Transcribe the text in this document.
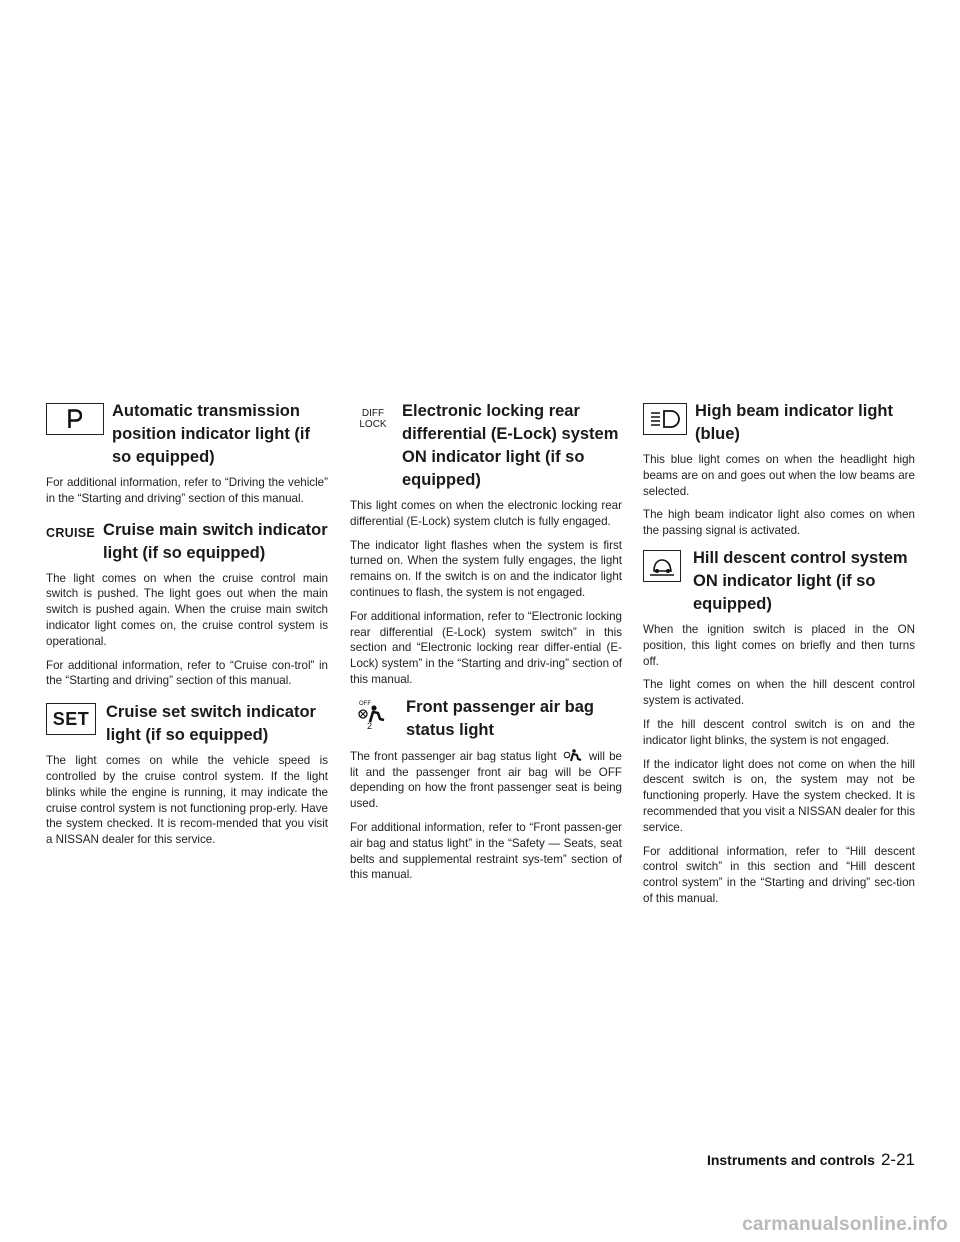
Automatic transmission position indicator light (if so equipped)

For additional information, refer to “Driving the vehicle” in the “Starting and driving” section of this manual.

CRUISE Cruise main switch indicator light (if so equipped)

The light comes on when the cruise control main switch is pushed. The light goes out when the main switch is pushed again. When the cruise main switch indicator light comes on, the cruise control system is operational.

For additional information, refer to “Cruise con-trol” in the “Starting and driving” section of this manual.

SET Cruise set switch indicator light (if so equipped)

The light comes on while the vehicle speed is controlled by the cruise control system. If the light blinks while the engine is running, it may indicate the cruise control system is not functioning prop-erly. Have the system checked. It is recom-mended that you visit a NISSAN dealer for this service.

DIFF
LOCK
Electronic locking rear differential (E-Lock) system ON indicator light (if so equipped)

This light comes on when the electronic locking rear differential (E-Lock) system clutch is fully engaged.

The indicator light flashes when the system is first turned on. When the system fully engages, the light remains on. If the switch is on and the indicator light continues to flash, the system is not engaged.

For additional information, refer to “Electronic locking rear differential (E-Lock) system switch” in this section and “Electronic locking rear differ-ential (E-Lock) system” in the “Starting and driv-ing” section of this manual.

OFF
2
Front passenger air bag status light

The front passenger air bag status light	will be lit and the passenger front air bag will be OFF depending on how the front passenger seat is being used.

For additional information, refer to “Front passen-ger air bag and status light” in the “Safety — Seats, seat belts and supplemental restraint sys-tem” section of this manual.

High beam indicator light (blue)

This blue light comes on when the headlight high beams are on and goes out when the low beams are selected.

The high beam indicator light also comes on when the passing signal is activated.

Hill descent control system ON indicator light (if so equipped)

When the ignition switch is placed in the ON position, this light comes on briefly and then turns off.

The light comes on when the hill descent control system is activated.

If the hill descent control switch is on and the indicator light blinks, the system is not engaged.

If the indicator light does not come on when the hill descent switch is on, the system may not be functioning properly. Have the system checked. It is recommended that you visit a NISSAN dealer for this service.

For additional information, refer to “Hill descent control switch” in this section and “Hill descent control system” in the “Starting and driving” sec-tion of this manual.

Instruments and controls 2-21
carmanualsonline.info
